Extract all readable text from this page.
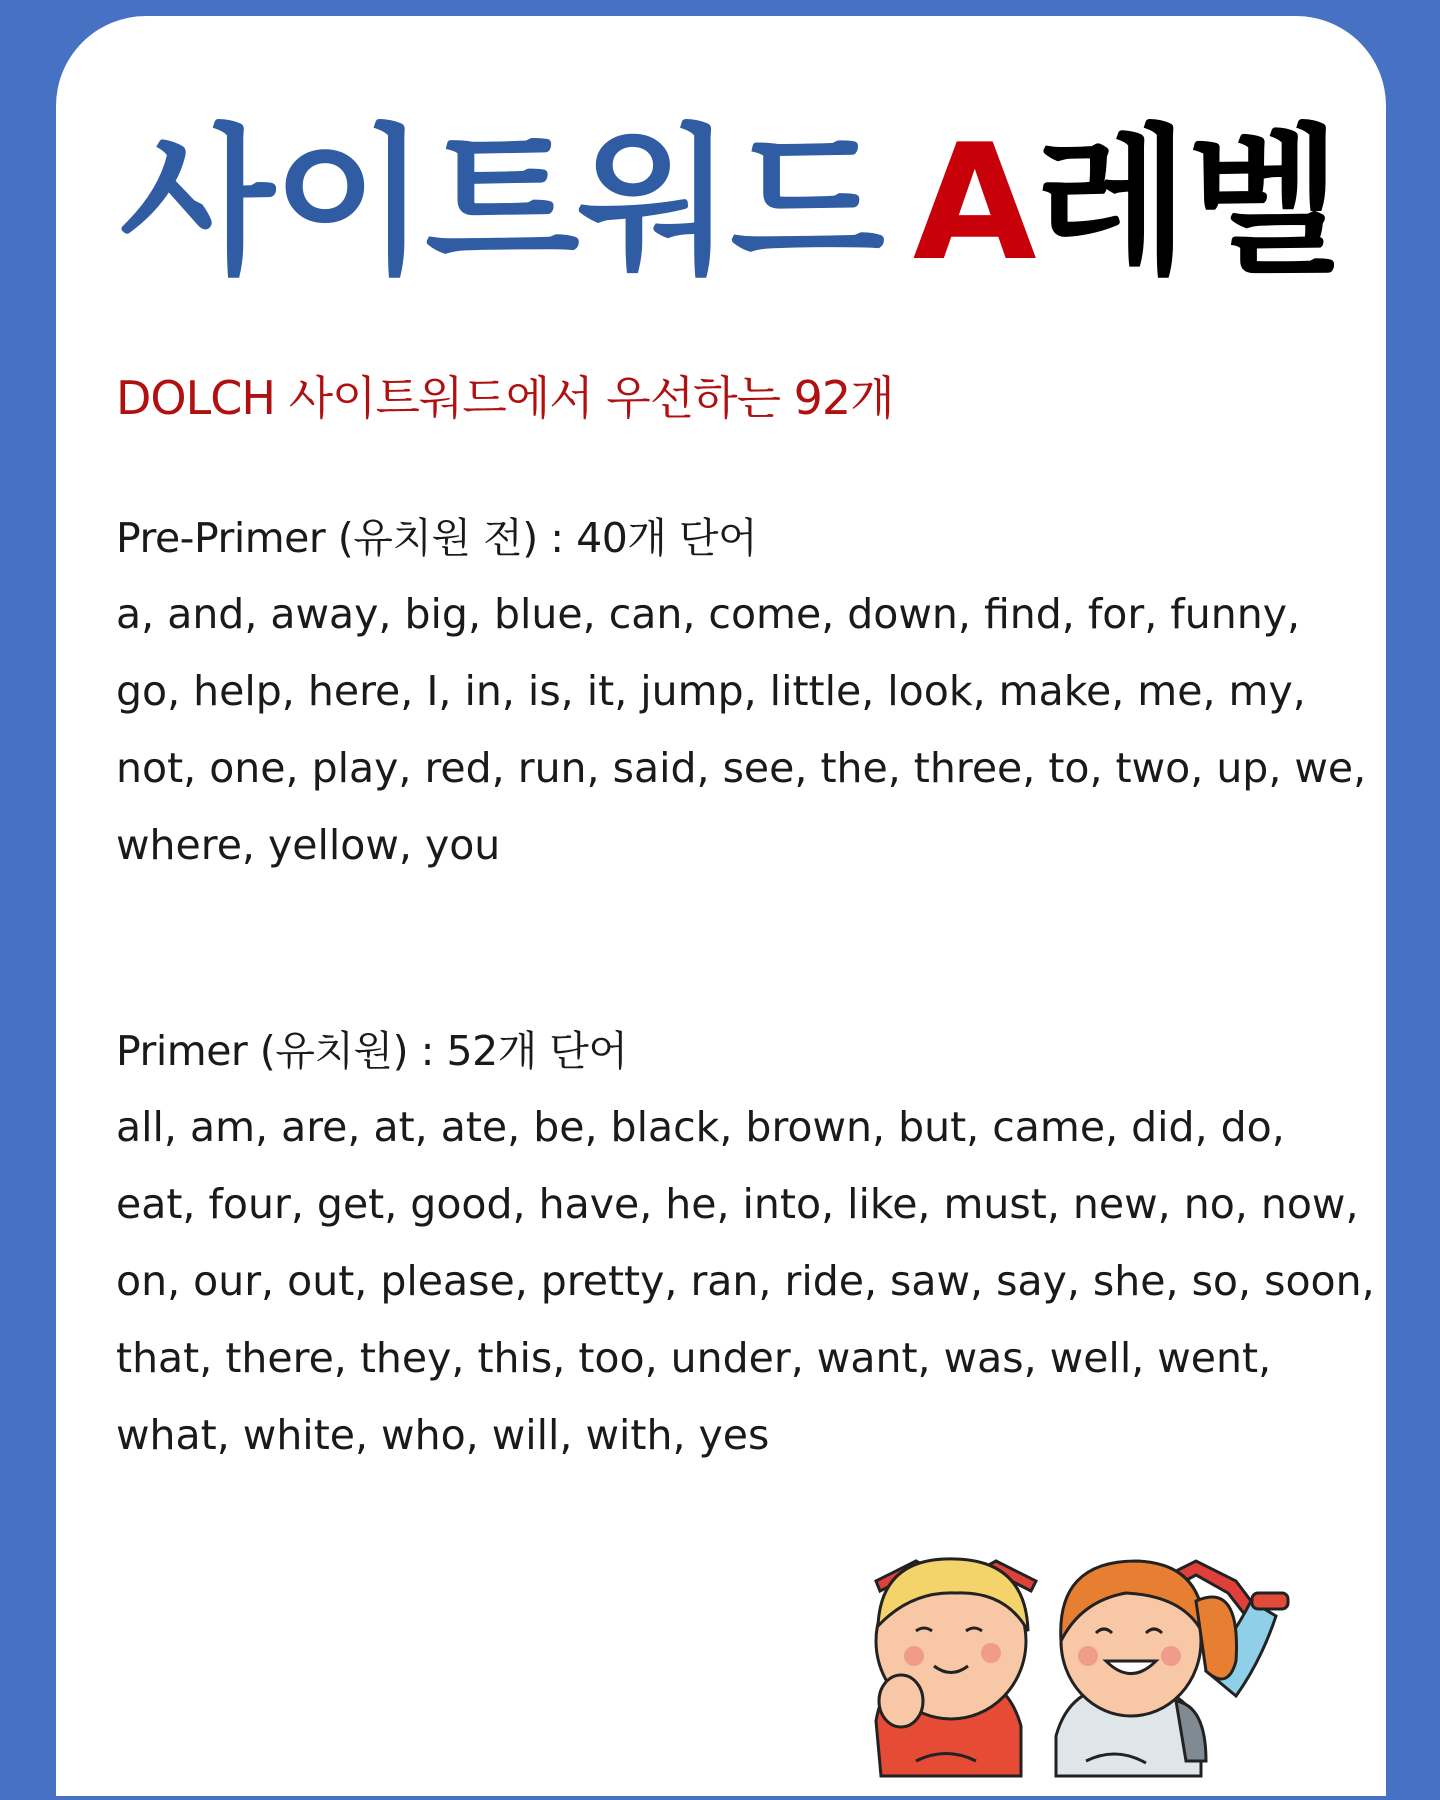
사이트워드 A레벨

DOLCH 사이트워드에서 우선하는 92개

Pre-Primer (유치원 전) : 40개 단어

a, and, away, big, blue, can, come, down, find, for, funny, go, help, here, I, in, is, it, jump, little, look, make, me, my, not, one, play, red, run, said, see, the, three, to, two, up, we, where, yellow, you

Primer (유치원) : 52개 단어

all, am, are, at, ate, be, black, brown, but, came, did, do, eat, four, get, good, have, he, into, like, must, new, no, now, on, our, out, please, pretty, ran, ride, saw, say, she, so, soon, that, there, they, this, too, under, want, was, well, went, what, white, who, will, with, yes
